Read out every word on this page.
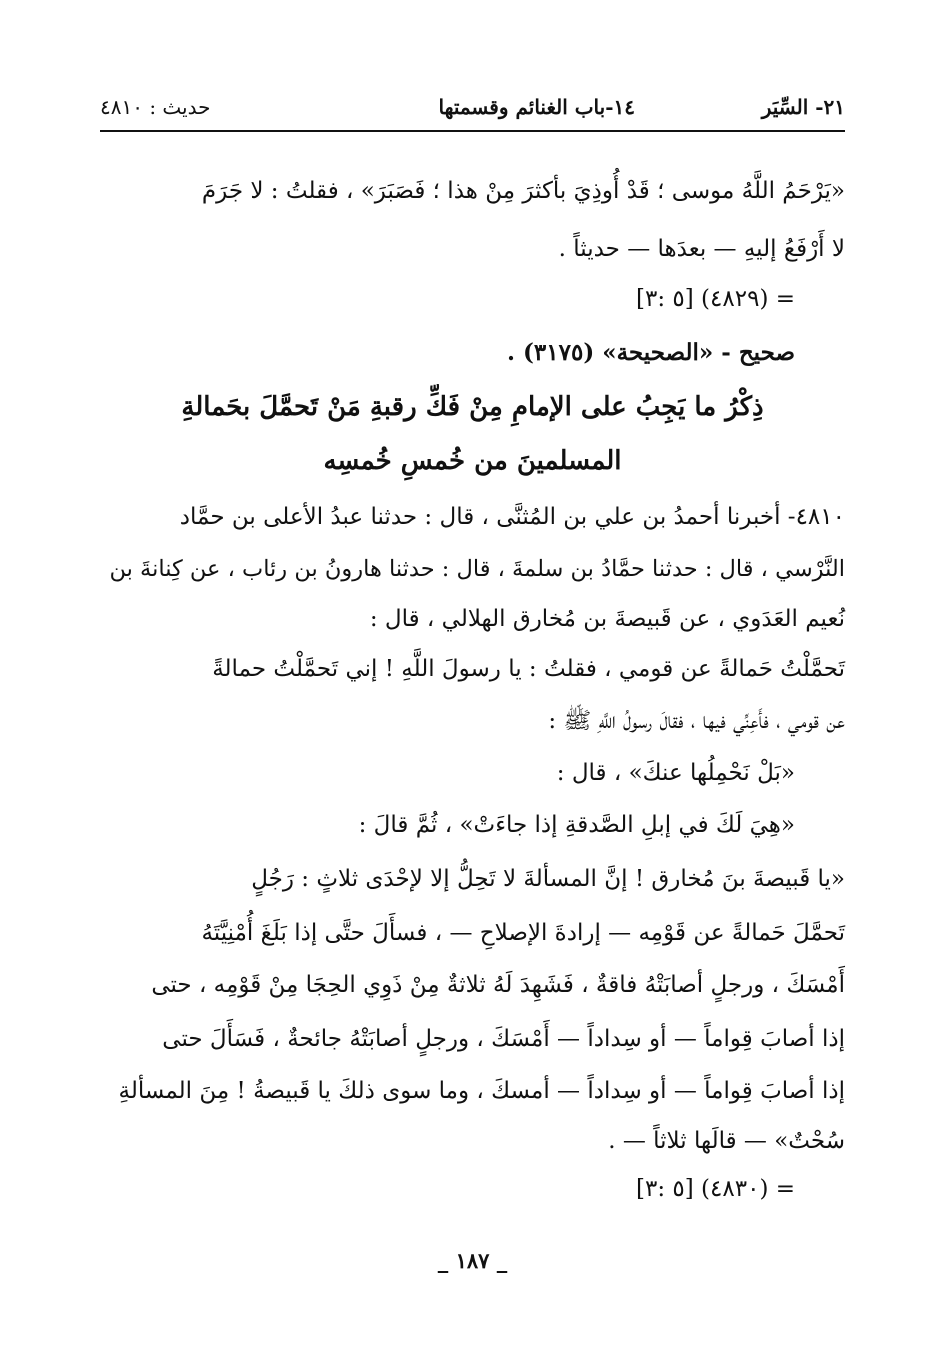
٢١- السِّيَر
١٤-باب الغنائم وقسمتها
حديث : ٤٨١٠
«يَرْحَمُ اللَّهُ موسى ؛ قَدْ أُوذِيَ بأكثرَ مِنْ هذا ؛ فَصَبَرَ» ، فقلتُ : لا جَرَمَ
لا أَرْفَعُ إليهِ — بعدَها — حديثاً .
= (٤٨٢٩) [٥ :٣]
صحيح - «الصحيحة» (٣١٧٥) .
ذِكْرُ ما يَجِبُ على الإمامِ مِنْ فَكِّ رقبةِ مَنْ تَحمَّلَ بحَمالةِ
المسلمينَ من خُمسِ خُمسِه
٤٨١٠- أخبرنا أحمدُ بن علي بن المُثنَّى ، قال : حدثنا عبدُ الأعلى بن حمَّاد
النَّرْسي ، قال : حدثنا حمَّادُ بن سلمةَ ، قال : حدثنا هارونُ بن رئاب ، عن كِنانةَ بن
نُعيم العَدَوي ، عن قَبيصةَ بن مُخارق الهلالي ، قال :
تَحمَّلْتُ حَمالةً عن قومي ، فقلتُ : يا رسولَ اللَّهِ ! إني تَحمَّلْتُ حمالةً
عن قومي ، فأَعِنِّي فيها ، فقالَ رسولُ اللَّهِ ﷺ :
«بَلْ نَحْمِلُها عنكَ» ، قال :
«هِيَ لَكَ في إبلِ الصَّدقةِ إذا جاءَتْ» ، ثُمَّ قالَ :
«يا قَبيصةَ بنَ مُخارق ! إنَّ المسألةَ لا تَحِلُّ إلا لإحْدَى ثلاثٍ : رَجُلٍ
تَحمَّلَ حَمالةً عن قَوْمِه — إرادةَ الإصلاحِ — ، فسأَلَ حتَّى إذا بَلَغَ أُمْنِيَّتَهُ
أَمْسَكَ ، ورجلٍ أصابَتْهُ فاقةٌ ، فَشَهِدَ لَهُ ثلاثةٌ مِنْ ذَوِي الحِجَا مِنْ قَوْمِه ، حتى
إذا أصابَ قِواماً — أو سِداداً — أَمْسَكَ ، ورجلٍ أصابَتْهُ جائحةٌ ، فَسَأَلَ حتى
إذا أصابَ قِواماً — أو سِداداً — أمسكَ ، وما سوى ذلكَ يا قَبيصةُ ! مِنَ المسألةِ
سُحْتٌ» — قالَها ثلاثاً — .
= (٤٨٣٠) [٥ :٣]
_ ١٨٧ _
